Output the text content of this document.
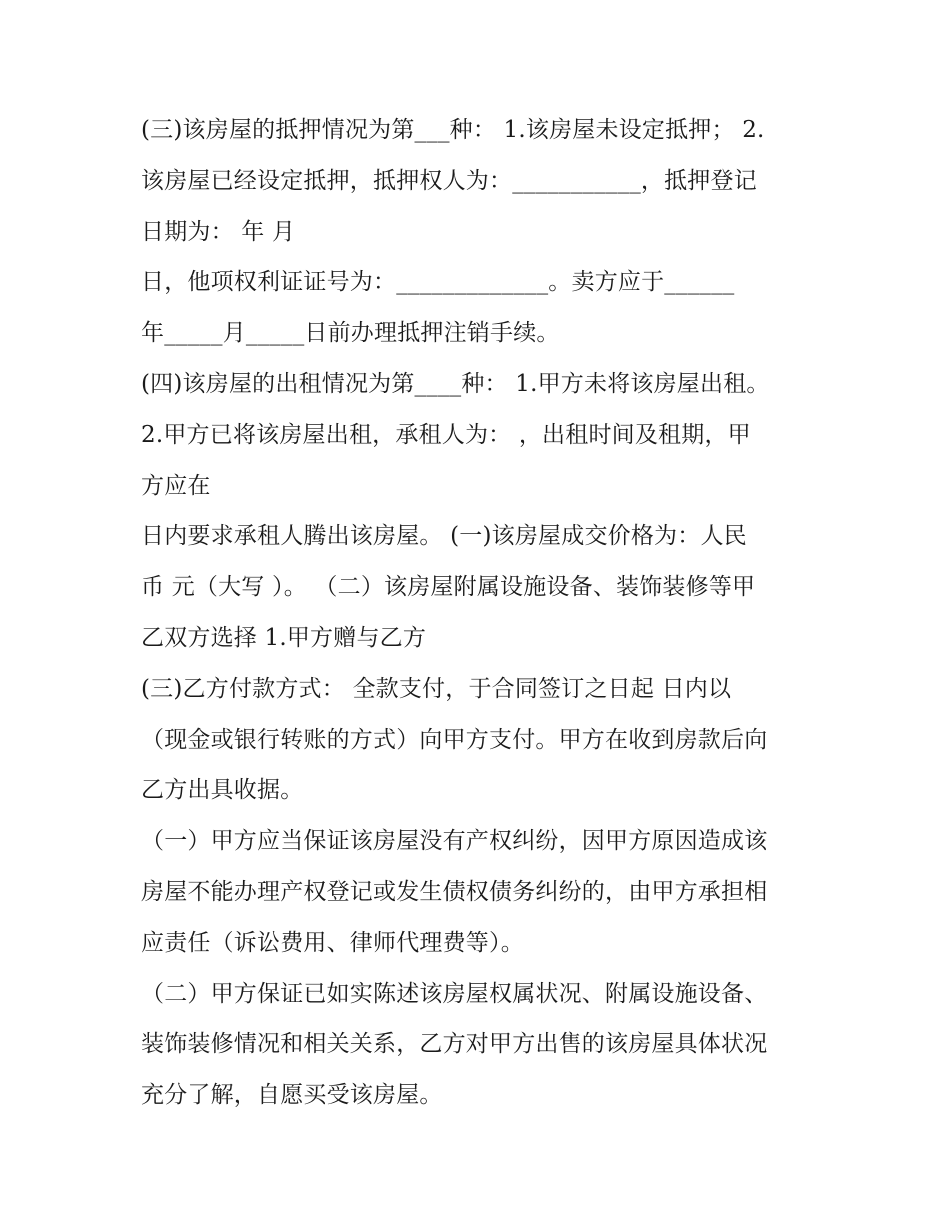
(三)该房屋的抵押情况为第___种： 1.该房屋未设定抵押； 2.
该房屋已经设定抵押，抵押权人为：___________，抵押登记
日期为： 年 月
日，他项权利证证号为：_____________。卖方应于______
年_____月_____日前办理抵押注销手续。
(四)该房屋的出租情况为第____种： 1.甲方未将该房屋出租。
2.甲方已将该房屋出租，承租人为： ，出租时间及租期，甲
方应在
日内要求承租人腾出该房屋。 (一)该房屋成交价格为：人民
币 元（大写 ）。 （二）该房屋附属设施设备、装饰装修等甲
乙双方选择 1.甲方赠与乙方
(三)乙方付款方式： 全款支付，于合同签订之日起 日内以
（现金或银行转账的方式）向甲方支付。甲方在收到房款后向
乙方出具收据。
（一）甲方应当保证该房屋没有产权纠纷，因甲方原因造成该
房屋不能办理产权登记或发生债权债务纠纷的，由甲方承担相
应责任（诉讼费用、律师代理费等）。
（二）甲方保证已如实陈述该房屋权属状况、附属设施设备、
装饰装修情况和相关关系，乙方对甲方出售的该房屋具体状况
充分了解，自愿买受该房屋。
